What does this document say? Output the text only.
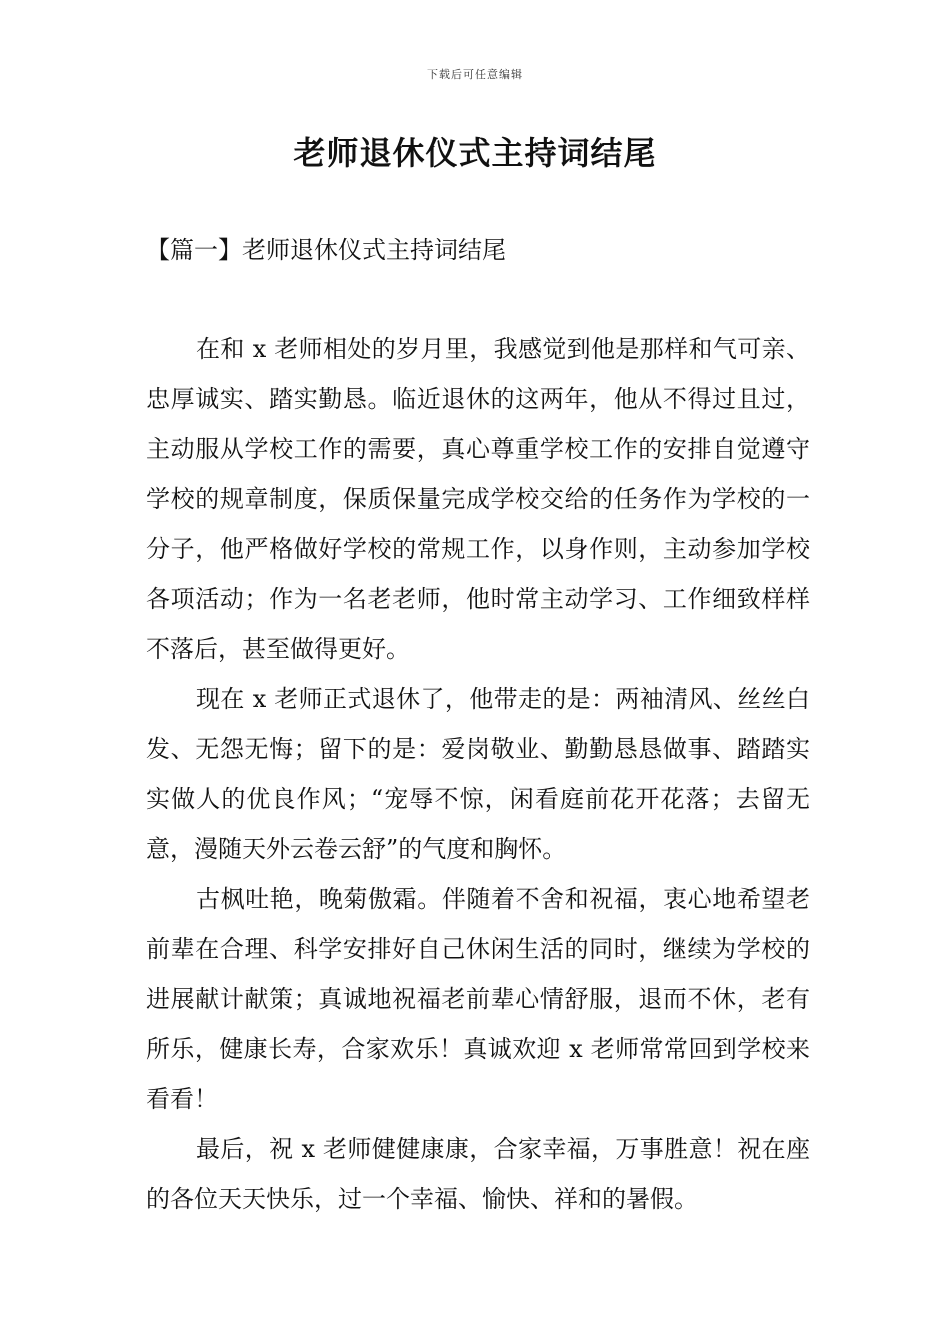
下载后可任意编辑
老师退休仪式主持词结尾
【篇一】老师退休仪式主持词结尾

在和 x 老师相处的岁月里，我感觉到他是那样和气可亲、忠厚诚实、踏实勤恳。临近退休的这两年，他从不得过且过，主动服从学校工作的需要，真心尊重学校工作的安排自觉遵守学校的规章制度，保质保量完成学校交给的任务作为学校的一分子，他严格做好学校的常规工作，以身作则，主动参加学校各项活动；作为一名老老师，他时常主动学习、工作细致样样不落后，甚至做得更好。

现在 x 老师正式退休了，他带走的是：两袖清风、丝丝白发、无怨无悔；留下的是：爱岗敬业、勤勤恳恳做事、踏踏实实做人的优良作风；“宠辱不惊，闲看庭前花开花落；去留无意，漫随天外云卷云舒”的气度和胸怀。

古枫吐艳，晚菊傲霜。伴随着不舍和祝福，衷心地希望老前辈在合理、科学安排好自己休闲生活的同时，继续为学校的进展献计献策；真诚地祝福老前辈心情舒服，退而不休，老有所乐，健康长寿，合家欢乐！真诚欢迎 x 老师常常回到学校来看看！

最后，祝 x 老师健健康康，合家幸福，万事胜意！祝在座的各位天天快乐，过一个幸福、愉快、祥和的暑假。
